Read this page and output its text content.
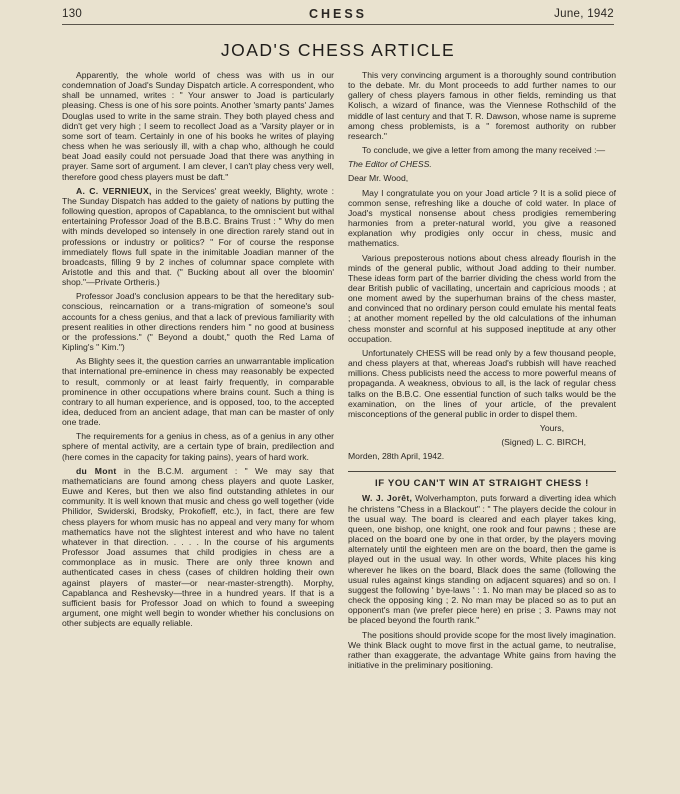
130	CHESS	June, 1942
JOAD'S CHESS ARTICLE

Apparently, the whole world of chess was with us in our condemnation of Joad's Sunday Dispatch article. A correspondent, who shall be unnamed, writes : " Your answer to Joad is particularly pleasing. Chess is one of his sore points. Another 'smarty pants' James Douglas used to write in the same strain. They both played chess and didn't get very high ; I seem to recollect Joad as a 'Varsity player or in some sort of team. Certainly in one of his books he writes of playing chess when he was seriously ill, with a chap who, although he could beat Joad easily could not persuade Joad that there was anything in prayer. Same sort of argument. I am clever, I can't play chess very well, therefore good chess players must be daft."

A. C. VERNIEUX, in the Services' great weekly, Blighty, wrote : The Sunday Dispatch has added to the gaiety of nations by putting the following question, apropos of Capablanca, to the omniscient but withal entertaining Professor Joad of the B.B.C. Brains Trust : " Why do men with minds developed so intensely in one direction rarely stand out in professions or industry or politics? " For of course the response immediately flows full spate in the inimitable Joadian manner of the broadcasts, filling 9 by 2 inches of columnar space complete with Aristotle and this and that. (" Bucking about all over the bloomin' shop."—Private Ortheris.)

Professor Joad's conclusion appears to be that the hereditary sub-conscious, reincarnation or a trans-migration of someone's soul accounts for a chess genius, and that a lack of previous familiarity with present realities in other directions renders him " no good at business or the professions." (" Beyond a doubt," quoth the Red Lama of Kipling's " Kim.")

As Blighty sees it, the question carries an unwarrantable implication that international pre-eminence in chess may reasonably be expected to result, commonly or at least fairly frequently, in comparable prominence in other occupations where brains count. Such a thing is contrary to all human experience, and is opposed, too, to the accepted idea, deduced from an ancient adage, that man can be master of only one trade.

The requirements for a genius in chess, as of a genius in any other sphere of mental activity, are a certain type of brain, predilection and (here comes in the capacity for taking pains), years of hard work.

du Mont in the B.C.M. argument : " We may say that mathematicians are found among chess players and quote Lasker, Euwe and Keres, but then we also find outstanding athletes in our community. It is well known that music and chess go well together (vide Philidor, Swiderski, Brodsky, Prokofieff, etc.), in fact, there are few chess players for whom music has no appeal and very many for whom mathematics have not the slightest interest and who have no talent whatever in that direction. . . . . In the course of his arguments Professor Joad assumes that child prodigies in chess are a commonplace as in music. There are only three known and authenticated cases in chess (cases of children holding their own against players of master—or near-master-strength). Morphy, Capablanca and Reshevsky—three in a hundred years. If that is a sufficient basis for Professor Joad on which to found a sweeping argument, one might well begin to wonder whether his conclusions on other subjects are equally reliable.

This very convincing argument is a thoroughly sound contribution to the debate. Mr. du Mont proceeds to add further names to our gallery of chess players famous in other fields, reminding us that Kolisch, a wizard of finance, was the Viennese Rothschild of the middle of last century and that T. R. Dawson, whose name is supreme among chess problemists, is a " foremost authority on rubber research."

To conclude, we give a letter from among the many received :—

The Editor of CHESS.

Dear Mr. Wood,

May I congratulate you on your Joad article ? It is a solid piece of common sense, refreshing like a douche of cold water. In place of Joad's mystical nonsense about chess prodigies remembering harmonies from a preter-natural world, you give a reasoned explanation why prodigies only occur in chess, music and mathematics.

Various preposterous notions about chess already flourish in the minds of the general public, without Joad adding to their number. These ideas form part of the barrier dividing the chess world from the dear British public of vacillating, uncertain and capricious moods ; at one moment awed by the superhuman brains of the chess master, and convinced that no ordinary person could emulate his mental feats ; at another moment repelled by the old calculations of the inhuman chess monster and scornful at his supposed ineptitude at any other occupation.

Unfortunately CHESS will be read only by a few thousand people, and chess players at that, whereas Joad's rubbish will have reached millions. Chess publicists need the access to more powerful means of propaganda. A weakness, obvious to all, is the lack of regular chess talks on the B.B.C. One essential function of such talks would be the examination, on the lines of your article, of the prevalent misconceptions of the general public in order to dispel them.

Yours,

(Signed) L. C. BIRCH,

Morden, 28th April, 1942.

IF YOU CAN'T WIN AT STRAIGHT CHESS !

W. J. Jorêt, Wolverhampton, puts forward a diverting idea which he christens "Chess in a Blackout" : " The players decide the colour in the usual way. The board is cleared and each player takes king, queen, one bishop, one knight, one rook and four pawns ; these are placed on the board one by one in that order, by the players moving alternately until the eighteen men are on the board, then the game is played out in the usual way. In other words, White places his king wherever he likes on the board, Black does the same (following the usual rules against kings standing on adjacent squares) and so on. I suggest the following ' bye-laws ' : 1. No man may be placed so as to check the opposing king ; 2. No man may be placed so as to put an opponent's man (we prefer piece here) en prise ; 3. Pawns may not be placed beyond the fourth rank."

The positions should provide scope for the most lively imagination. We think Black ought to move first in the actual game, to neutralise, rather than exaggerate, the advantage White gains from having the initiative in the preliminary positioning.
